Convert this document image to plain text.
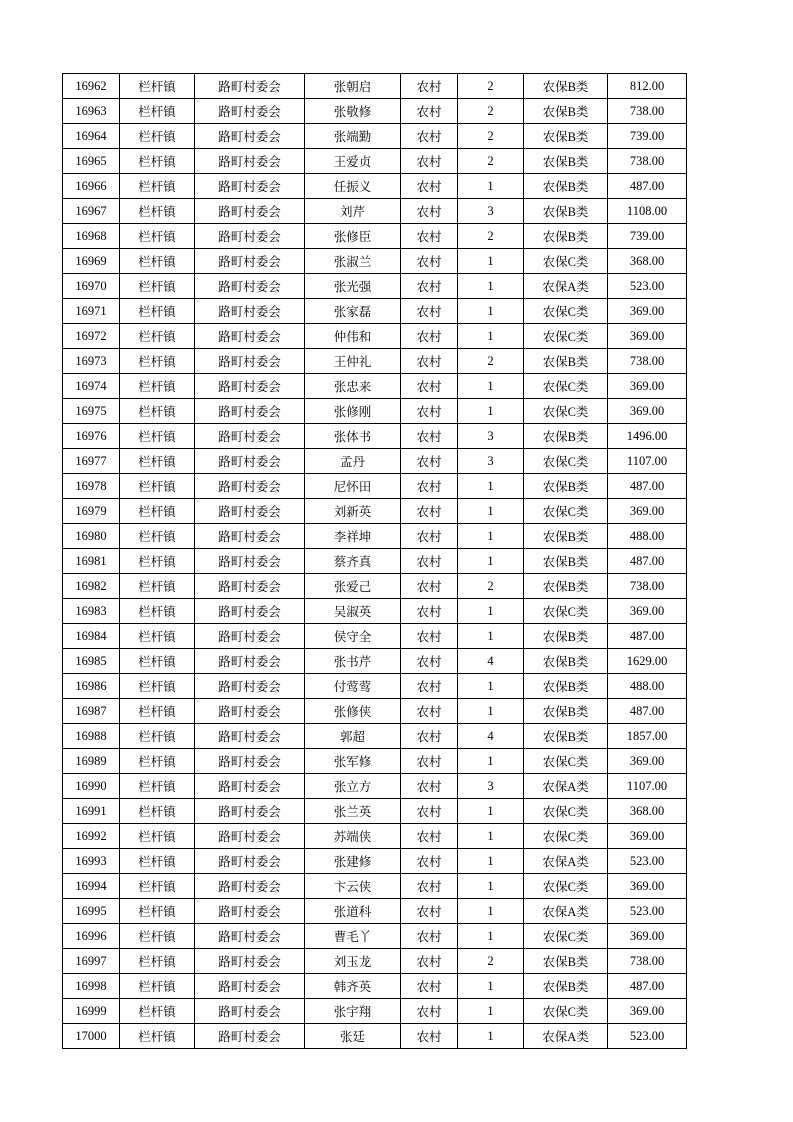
16962	栏杆镇	路町村委会	张朝启	农村	2	农保B类	812.00
16963	栏杆镇	路町村委会	张敬修	农村	2	农保B类	738.00
16964	栏杆镇	路町村委会	张端勤	农村	2	农保B类	739.00
16965	栏杆镇	路町村委会	王爱贞	农村	2	农保B类	738.00
16966	栏杆镇	路町村委会	任振义	农村	1	农保B类	487.00
16967	栏杆镇	路町村委会	刘芹	农村	3	农保B类	1108.00
16968	栏杆镇	路町村委会	张修臣	农村	2	农保B类	739.00
16969	栏杆镇	路町村委会	张淑兰	农村	1	农保C类	368.00
16970	栏杆镇	路町村委会	张光强	农村	1	农保A类	523.00
16971	栏杆镇	路町村委会	张家磊	农村	1	农保C类	369.00
16972	栏杆镇	路町村委会	仲伟和	农村	1	农保C类	369.00
16973	栏杆镇	路町村委会	王仲礼	农村	2	农保B类	738.00
16974	栏杆镇	路町村委会	张忠来	农村	1	农保C类	369.00
16975	栏杆镇	路町村委会	张修刚	农村	1	农保C类	369.00
16976	栏杆镇	路町村委会	张体书	农村	3	农保B类	1496.00
16977	栏杆镇	路町村委会	孟丹	农村	3	农保C类	1107.00
16978	栏杆镇	路町村委会	尼怀田	农村	1	农保B类	487.00
16979	栏杆镇	路町村委会	刘新英	农村	1	农保C类	369.00
16980	栏杆镇	路町村委会	李祥坤	农村	1	农保B类	488.00
16981	栏杆镇	路町村委会	蔡齐真	农村	1	农保B类	487.00
16982	栏杆镇	路町村委会	张爱己	农村	2	农保B类	738.00
16983	栏杆镇	路町村委会	吴淑英	农村	1	农保C类	369.00
16984	栏杆镇	路町村委会	侯守全	农村	1	农保B类	487.00
16985	栏杆镇	路町村委会	张书芹	农村	4	农保B类	1629.00
16986	栏杆镇	路町村委会	付莺莺	农村	1	农保B类	488.00
16987	栏杆镇	路町村委会	张修侠	农村	1	农保B类	487.00
16988	栏杆镇	路町村委会	郭超	农村	4	农保B类	1857.00
16989	栏杆镇	路町村委会	张军修	农村	1	农保C类	369.00
16990	栏杆镇	路町村委会	张立方	农村	3	农保A类	1107.00
16991	栏杆镇	路町村委会	张兰英	农村	1	农保C类	368.00
16992	栏杆镇	路町村委会	苏端侠	农村	1	农保C类	369.00
16993	栏杆镇	路町村委会	张建修	农村	1	农保A类	523.00
16994	栏杆镇	路町村委会	卞云侠	农村	1	农保C类	369.00
16995	栏杆镇	路町村委会	张道科	农村	1	农保A类	523.00
16996	栏杆镇	路町村委会	曹毛丫	农村	1	农保C类	369.00
16997	栏杆镇	路町村委会	刘玉龙	农村	2	农保B类	738.00
16998	栏杆镇	路町村委会	韩齐英	农村	1	农保B类	487.00
16999	栏杆镇	路町村委会	张宇翔	农村	1	农保C类	369.00
17000	栏杆镇	路町村委会	张廷	农村	1	农保A类	523.00
